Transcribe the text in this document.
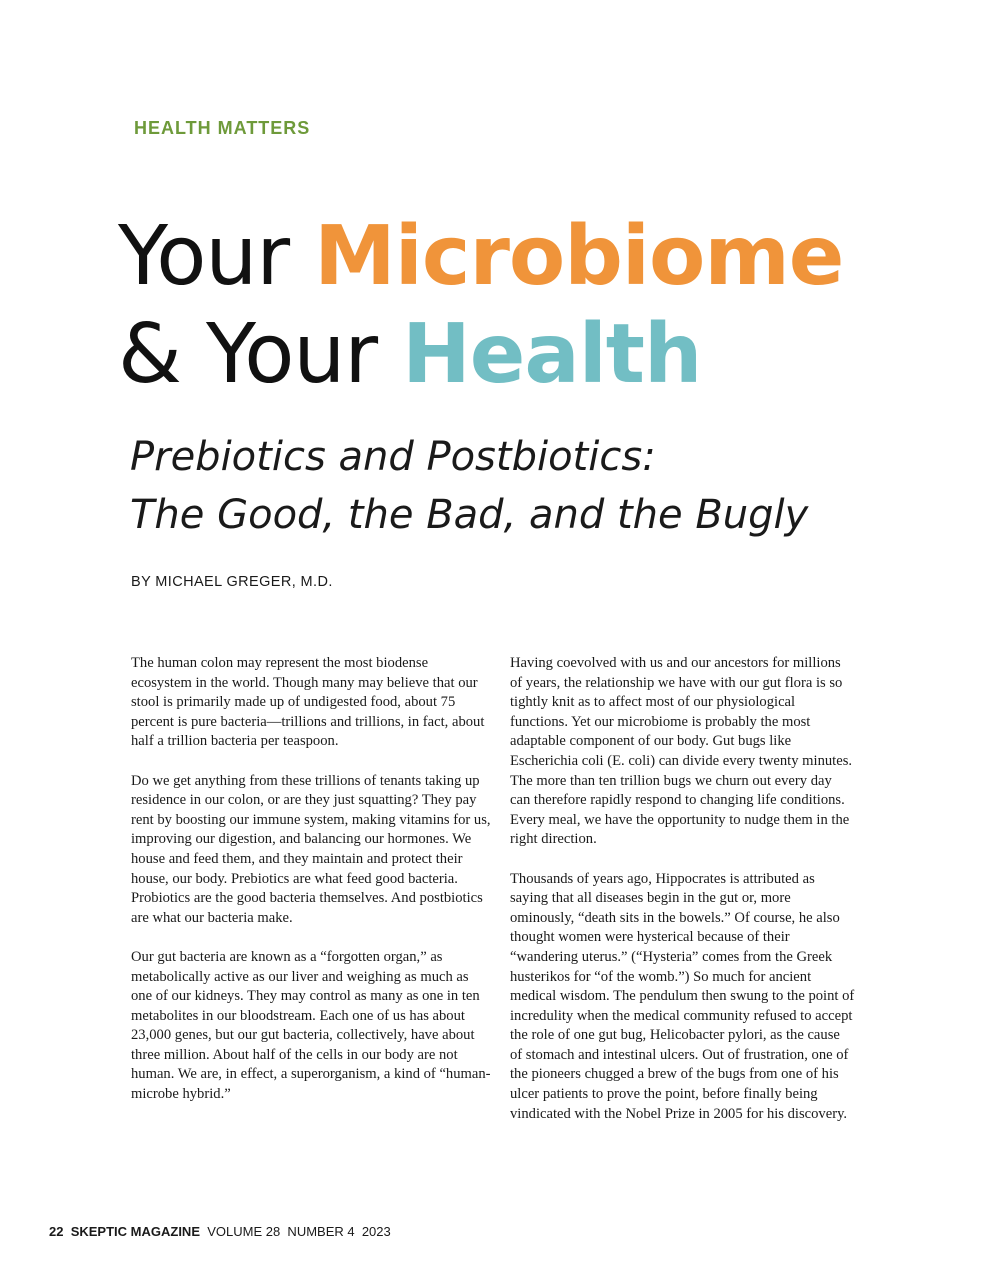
HEALTH MATTERS
Your Microbiome
& Your Health
Prebiotics and Postbiotics:
The Good, the Bad, and the Bugly
BY MICHAEL GREGER, M.D.

The human colon may represent the most biodense ecosystem in the world. Though many may believe that our stool is primarily made up of undigested food, about 75 percent is pure bacteria—trillions and trillions, in fact, about half a trillion bacteria per teaspoon.

Do we get anything from these trillions of tenants taking up residence in our colon, or are they just squatting? They pay rent by boosting our immune system, making vitamins for us, improving our digestion, and balancing our hormones. We house and feed them, and they maintain and protect their house, our body. Prebiotics are what feed good bacteria. Probiotics are the good bacteria themselves. And postbiotics are what our bacteria make.

Our gut bacteria are known as a “forgotten organ,” as metabolically active as our liver and weighing as much as one of our kidneys. They may control as many as one in ten metabolites in our bloodstream. Each one of us has about 23,000 genes, but our gut bacteria, collectively, have about three million. About half of the cells in our body are not human. We are, in effect, a superorganism, a kind of “human-microbe hybrid.”

Having coevolved with us and our ancestors for millions of years, the relationship we have with our gut flora is so tightly knit as to affect most of our physiological functions. Yet our microbiome is probably the most adaptable component of our body. Gut bugs like Escherichia coli (E. coli) can divide every twenty minutes. The more than ten trillion bugs we churn out every day can therefore rapidly respond to changing life conditions. Every meal, we have the opportunity to nudge them in the right direction.

Thousands of years ago, Hippocrates is attributed as saying that all diseases begin in the gut or, more ominously, “death sits in the bowels.” Of course, he also thought women were hysterical because of their “wandering uterus.” (“Hysteria” comes from the Greek husterikos for “of the womb.”) So much for ancient medical wisdom. The pendulum then swung to the point of incredulity when the medical community refused to accept the role of one gut bug, Helicobacter pylori, as the cause of stomach and intestinal ulcers. Out of frustration, one of the pioneers chugged a brew of the bugs from one of his ulcer patients to prove the point, before finally being vindicated with the Nobel Prize in 2005 for his discovery.

22 SKEPTIC MAGAZINE VOLUME 28  NUMBER 4  2023
